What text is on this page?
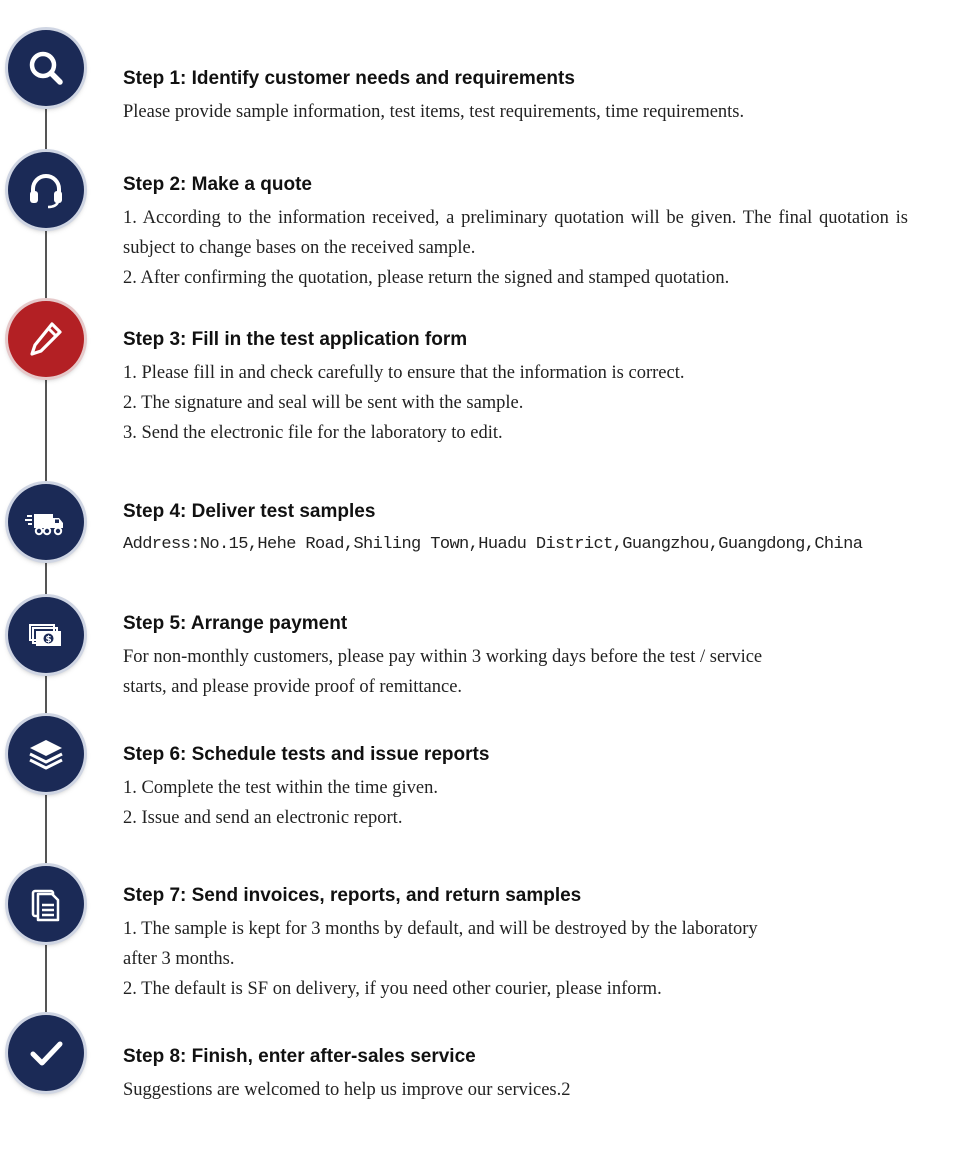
Step 1: Identify customer needs and requirements

Please provide sample information, test items, test requirements, time requirements.

Step 2: Make a quote

1. According to the information received, a preliminary quotation will be given. The final quotation is subject to change bases on the received sample.

2. After confirming the quotation, please return the signed and stamped quotation.

Step 3: Fill in the test application form

1. Please fill in and check carefully to ensure that the information is correct.

2. The signature and seal will be sent with the sample.

3. Send the electronic file for the laboratory to edit.

Step 4: Deliver test samples

Address:No.15,Hehe Road,Shiling Town,Huadu District,Guangzhou,Guangdong,China

$
Step 5: Arrange payment

For non-monthly customers, please pay within 3 working days before the test / service

starts, and please provide proof of remittance.

Step 6: Schedule tests and issue reports

1. Complete the test within the time given.

2. Issue and send an electronic report.

Step 7: Send invoices, reports, and return samples

1. The sample is kept for 3 months by default, and will be destroyed by the laboratory

after 3 months.

2. The default is SF on delivery, if you need other courier, please inform.

Step 8: Finish, enter after-sales service

Suggestions are welcomed to help us improve our services.2
